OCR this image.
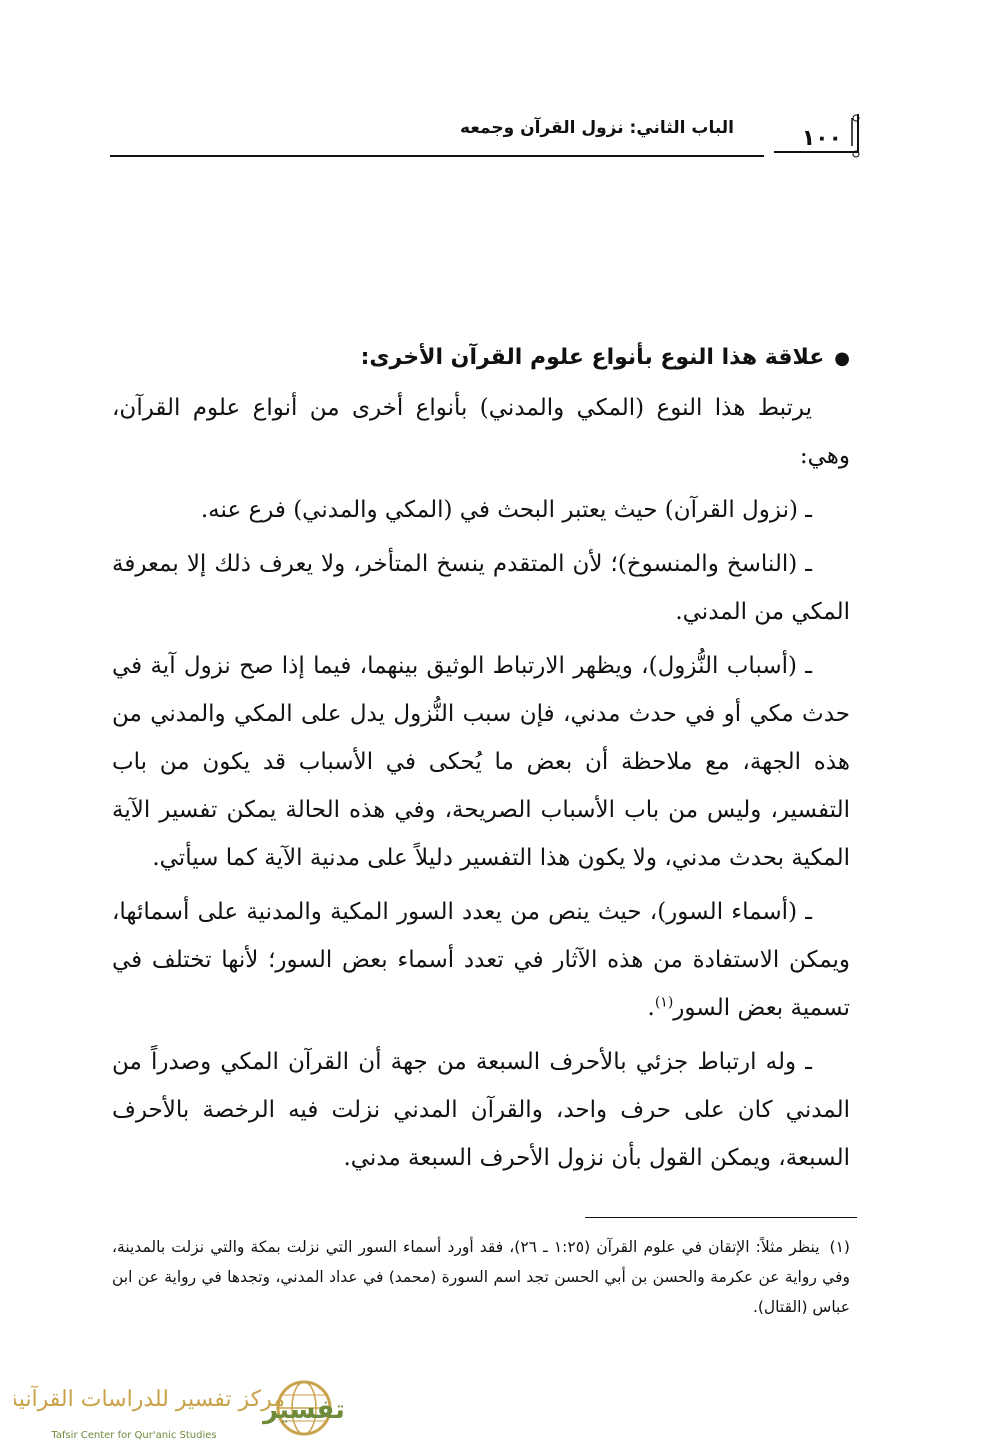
١٠٠
الباب الثاني: نزول القرآن وجمعه
●علاقة هذا النوع بأنواع علوم القرآن الأخرى:

يرتبط هذا النوع (المكي والمدني) بأنواع أخرى من أنواع علوم القرآن، وهي:

ـ (نزول القرآن) حيث يعتبر البحث في (المكي والمدني) فرع عنه.

ـ (الناسخ والمنسوخ)؛ لأن المتقدم ينسخ المتأخر، ولا يعرف ذلك إلا بمعرفة المكي من المدني.

ـ (أسباب النُّزول)، ويظهر الارتباط الوثيق بينهما، فيما إذا صح نزول آية في حدث مكي أو في حدث مدني، فإن سبب النُّزول يدل على المكي والمدني من هذه الجهة، مع ملاحظة أن بعض ما يُحكى في الأسباب قد يكون من باب التفسير، وليس من باب الأسباب الصريحة، وفي هذه الحالة يمكن تفسير الآية المكية بحدث مدني، ولا يكون هذا التفسير دليلاً على مدنية الآية كما سيأتي.

ـ (أسماء السور)، حيث ينص من يعدد السور المكية والمدنية على أسمائها، ويمكن الاستفادة من هذه الآثار في تعدد أسماء بعض السور؛ لأنها تختلف في تسمية بعض السور$^{(١)}$.

ـ وله ارتباط جزئي بالأحرف السبعة من جهة أن القرآن المكي وصدراً من المدني كان على حرف واحد، والقرآن المدني نزلت فيه الرخصة بالأحرف السبعة، ويمكن القول بأن نزول الأحرف السبعة مدني.

(١)ينظر مثلاً: الإتقان في علوم القرآن (١:٢٥ ـ ٢٦)، فقد أورد أسماء السور التي نزلت بمكة والتي نزلت بالمدينة، وفي رواية عن عكرمة والحسن بن أبي الحسن تجد اسم السورة (محمد) في عداد المدني، وتجدها في رواية عن ابن عباس (القتال).
تفسير
مركز تفسير للدراسات القرآنية
Tafsir Center for Qur'anic Studies
